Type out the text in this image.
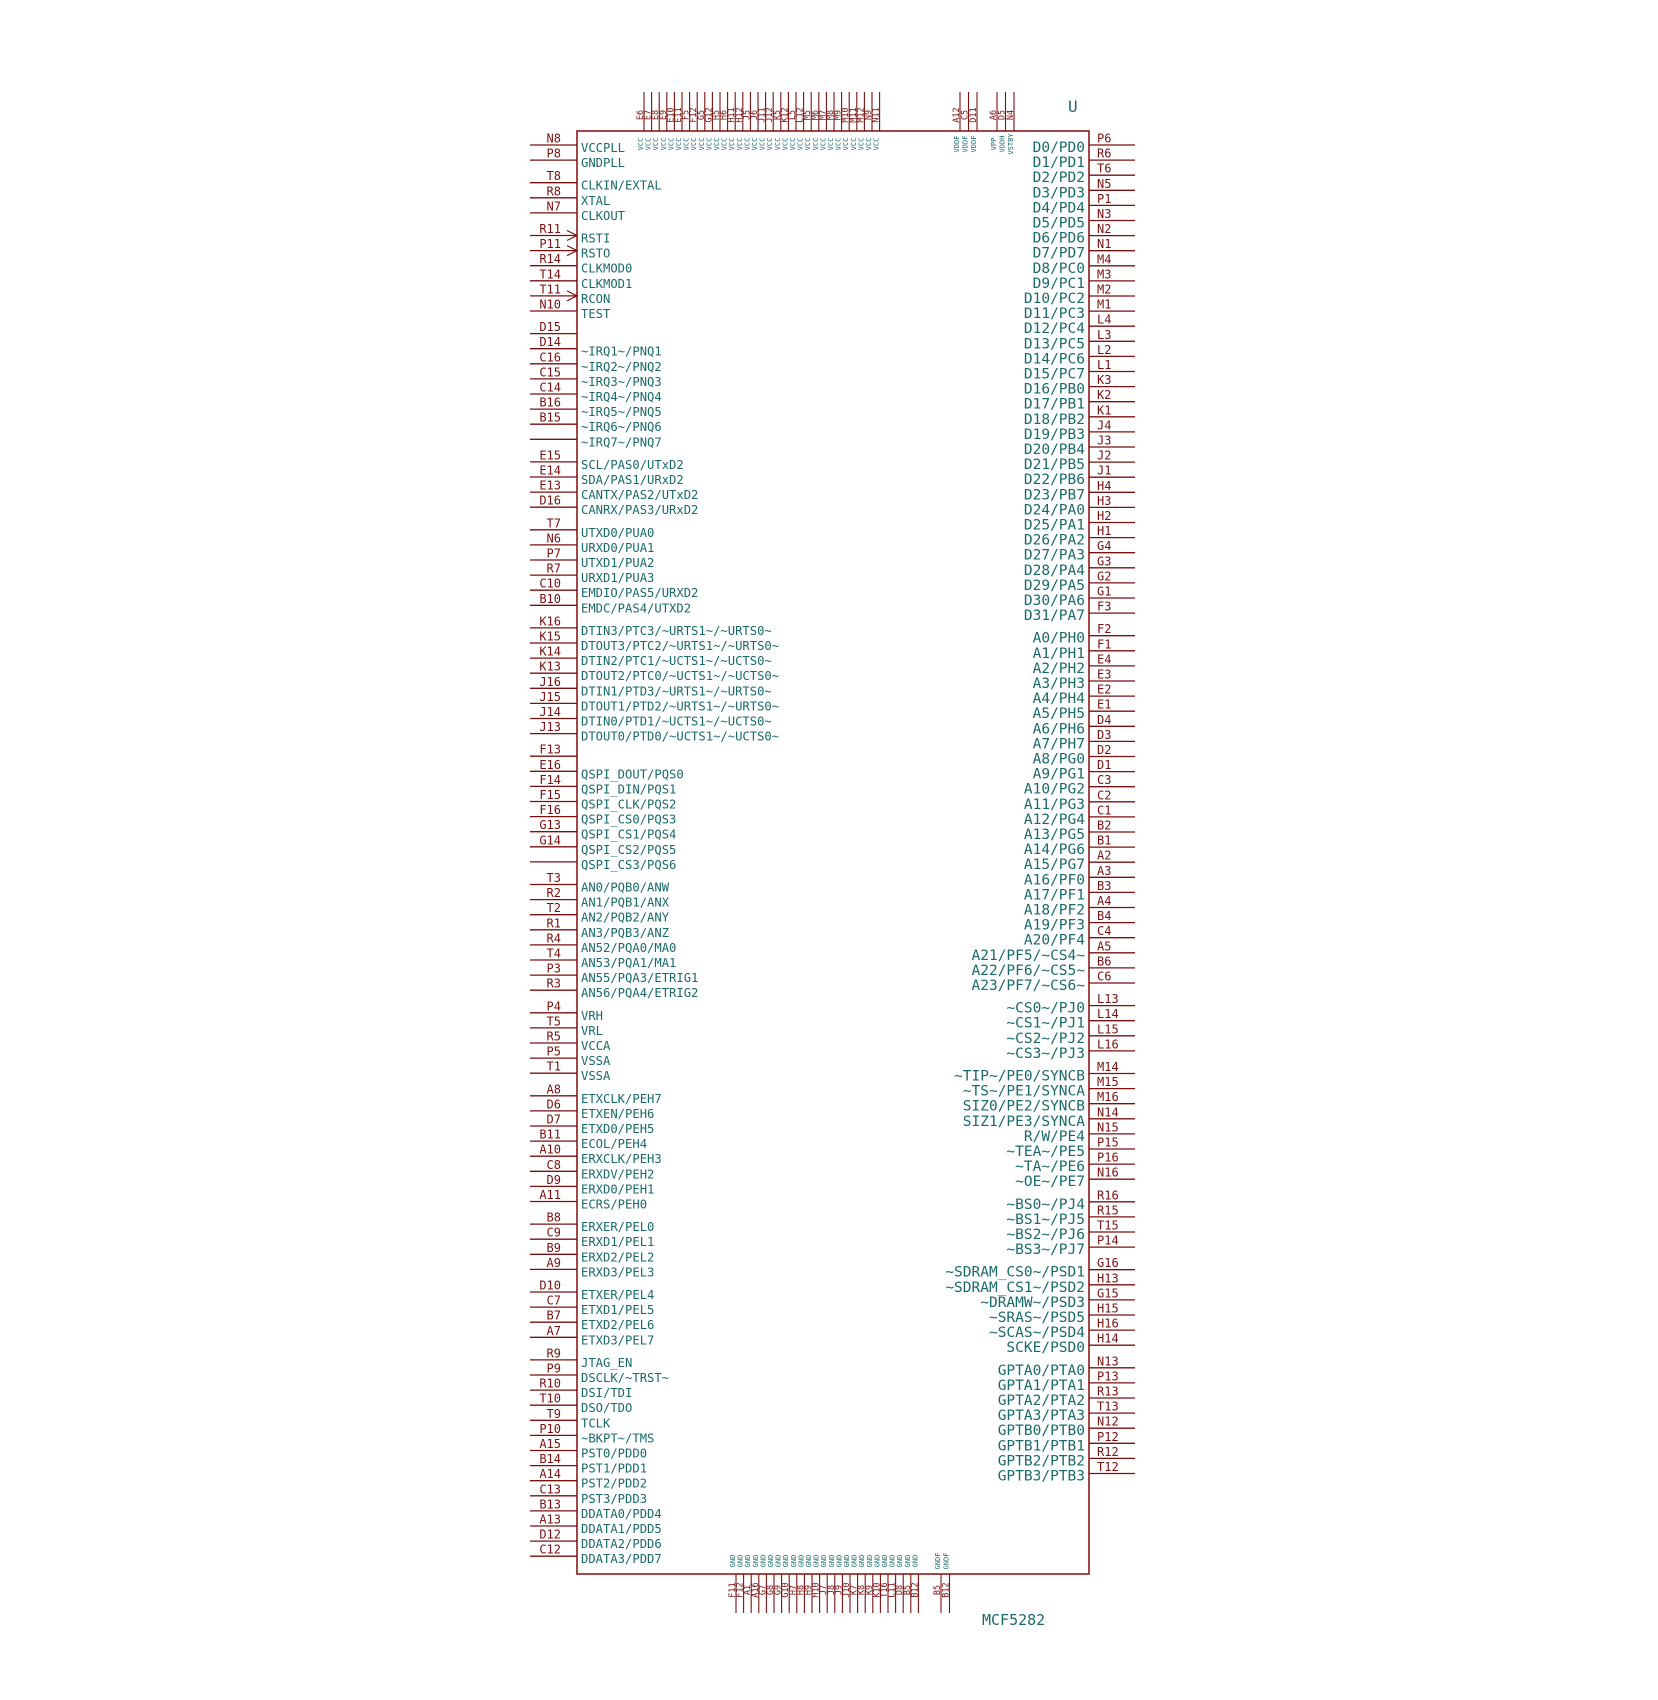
U
MCF5282
N8
VCCPLL
P8
GNDPLL
T8
CLKIN/EXTAL
R8
XTAL
N7
CLKOUT
R11
RSTI
P11
RSTO
R14
CLKMOD0
T14
CLKMOD1
T11
RCON
N10
TEST
D15
D14
~IRQ1~/PNQ1
C16
~IRQ2~/PNQ2
C15
~IRQ3~/PNQ3
C14
~IRQ4~/PNQ4
B16
~IRQ5~/PNQ5
B15
~IRQ6~/PNQ6
~IRQ7~/PNQ7
E15
SCL/PAS0/UTxD2
E14
SDA/PAS1/URxD2
E13
CANTX/PAS2/UTxD2
D16
CANRX/PAS3/URxD2
T7
UTXD0/PUA0
N6
URXD0/PUA1
P7
UTXD1/PUA2
R7
URXD1/PUA3
C10
EMDIO/PAS5/URXD2
B10
EMDC/PAS4/UTXD2
K16
DTIN3/PTC3/~URTS1~/~URTS0~
K15
DTOUT3/PTC2/~URTS1~/~URTS0~
K14
DTIN2/PTC1/~UCTS1~/~UCTS0~
K13
DTOUT2/PTC0/~UCTS1~/~UCTS0~
J16
DTIN1/PTD3/~URTS1~/~URTS0~
J15
DTOUT1/PTD2/~URTS1~/~URTS0~
J14
DTIN0/PTD1/~UCTS1~/~UCTS0~
J13
DTOUT0/PTD0/~UCTS1~/~UCTS0~
F13
E16
QSPI_DOUT/PQS0
F14
QSPI_DIN/PQS1
F15
QSPI_CLK/PQS2
F16
QSPI_CS0/PQS3
G13
QSPI_CS1/PQS4
G14
QSPI_CS2/PQS5
QSPI_CS3/PQS6
T3
AN0/PQB0/ANW
R2
AN1/PQB1/ANX
T2
AN2/PQB2/ANY
R1
AN3/PQB3/ANZ
R4
AN52/PQA0/MA0
T4
AN53/PQA1/MA1
P3
AN55/PQA3/ETRIG1
R3
AN56/PQA4/ETRIG2
P4
VRH
T5
VRL
R5
VCCA
P5
VSSA
T1
VSSA
A8
ETXCLK/PEH7
D6
ETXEN/PEH6
D7
ETXD0/PEH5
B11
ECOL/PEH4
A10
ERXCLK/PEH3
C8
ERXDV/PEH2
D9
ERXD0/PEH1
A11
ECRS/PEH0
B8
ERXER/PEL0
C9
ERXD1/PEL1
B9
ERXD2/PEL2
A9
ERXD3/PEL3
D10
ETXER/PEL4
C7
ETXD1/PEL5
B7
ETXD2/PEL6
A7
ETXD3/PEL7
R9
JTAG_EN
P9
DSCLK/~TRST~
R10
DSI/TDI
T10
DSO/TDO
T9
TCLK
P10
~BKPT~/TMS
A15
PST0/PDD0
B14
PST1/PDD1
A14
PST2/PDD2
C13
PST3/PDD3
B13
DDATA0/PDD4
A13
DDATA1/PDD5
D12
DDATA2/PDD6
C12
DDATA3/PDD7
P6
D0/PD0 R6
D1/PD1 T6
D2/PD2 N5
D3/PD3 P1
D4/PD4 N3
D5/PD5 N2
D6/PD6 N1
D7/PD7 M4
D8/PC0 M3
D9/PC1 M2
D10/PC2 M1
D11/PC3 L4
D12/PC4 L3
D13/PC5 L2
D14/PC6 L1
D15/PC7 K3
D16/PB0 K2
D17/PB1 K1
D18/PB2 J4
D19/PB3 J3
D20/PB4 J2
D21/PB5 J1
D22/PB6 H4
D23/PB7 H3
D24/PA0 H2
D25/PA1 H1
D26/PA2 G4
D27/PA3 G3
D28/PA4 G2
D29/PA5 G1
D30/PA6 F3
D31/PA7
F2
A0/PH0 F1
A1/PH1 E4
A2/PH2 E3
A3/PH3 E2
A4/PH4 E1
A5/PH5 D4
A6/PH6 D3
A7/PH7 D2
A8/PG0 D1
A9/PG1 C3
A10/PG2 C2
A11/PG3 C1
A12/PG4 B2
A13/PG5 B1
A14/PG6 A2
A15/PG7 A3
A16/PF0 B3
A17/PF1 A4
A18/PF2 B4
A19/PF3 C4
A20/PF4 A5
A21/PF5/~CS4~ B6
A22/PF6/~CS5~ C6
A23/PF7/~CS6~
L13
~CS0~/PJ0 L14
~CS1~/PJ1 L15
~CS2~/PJ2 L16
~CS3~/PJ3
M14
~TIP~/PE0/SYNCB M15
~TS~/PE1/SYNCA M16
SIZ0/PE2/SYNCB N14
SIZ1/PE3/SYNCA N15
R/W/PE4 P15
~TEA~/PE5 P16
~TA~/PE6 N16
~OE~/PE7
R16
~BS0~/PJ4 R15
~BS1~/PJ5 T15
~BS2~/PJ6 P14
~BS3~/PJ7
G16
~SDRAM_CS0~/PSD1 H13
~SDRAM_CS1~/PSD2 G15
~DRAMW~/PSD3 H15
~SRAS~/PSD5 H16
~SCAS~/PSD4 H14
SCKE/PSD0
N13
GPTA0/PTA0 P13
GPTA1/PTA1 R13
GPTA2/PTA2 T13
GPTA3/PTA3 N12
GPTB0/PTB0 P12
GPTB1/PTB1 R12
GPTB2/PTB2 T12
GPTB3/PTB3
E6
VCC
E7
VCC
E8
VCC
E9
VCC
E10
VCC
E11
VCC
F5
VCC
F12
VCC
G5
VCC
G12
VCC
H5
VCC
H6
VCC
H11
VCC
H12
VCC
J5
VCC
J6
VCC
J11
VCC
J12
VCC
K5
VCC
K12
VCC
L5
VCC
L12
VCC
M5
VCC
M6
VCC
M7
VCC
M8
VCC
M9
VCC
M10
VCC
M11
VCC
M12
VCC
N9
VCC
N11
VCC
A12
VDDF
C5
VDDF
D11
VDDF
A6
VPP
D5
VDDH
N4
VSTBY
F11
GND
F12
GND
A1
GND
A16
GND
G7
GND
G8
GND
G9
GND
G10
GND
H7
GND
H8
GND
H9
GND
H10
GND
J7
GND
J8
GND
J9
GND
J10
GND
K7
GND
K8
GND
K9
GND
K10
GND
T16
GND
L11
GND
D8
GND
B5
GND
B12
GND
B5
GNDF
B12
GNDF
